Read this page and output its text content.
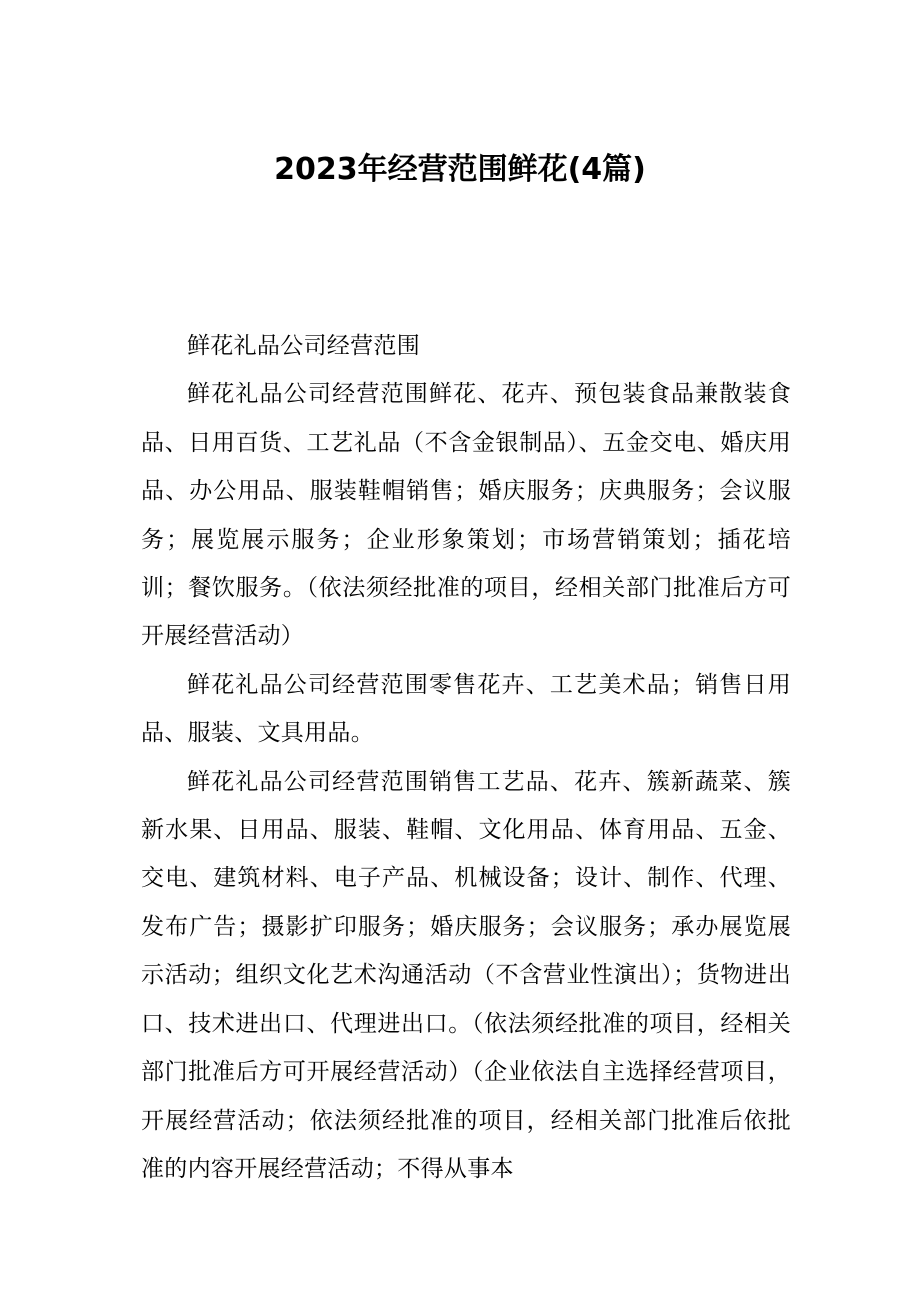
2023年经营范围鲜花(4篇)

鲜花礼品公司经营范围

鲜花礼品公司经营范围鲜花、花卉、预包装食品兼散装食品、日用百货、工艺礼品（不含金银制品）、五金交电、婚庆用品、办公用品、服装鞋帽销售；婚庆服务；庆典服务；会议服务；展览展示服务；企业形象策划；市场营销策划；插花培训；餐饮服务。（依法须经批准的项目，经相关部门批准后方可开展经营活动）

鲜花礼品公司经营范围零售花卉、工艺美术品；销售日用品、服装、文具用品。

鲜花礼品公司经营范围销售工艺品、花卉、簇新蔬菜、簇新水果、日用品、服装、鞋帽、文化用品、体育用品、五金、交电、建筑材料、电子产品、机械设备；设计、制作、代理、发布广告；摄影扩印服务；婚庆服务；会议服务；承办展览展示活动；组织文化艺术沟通活动（不含营业性演出）；货物进出口、技术进出口、代理进出口。（依法须经批准的项目，经相关部门批准后方可开展经营活动）（企业依法自主选择经营项目，开展经营活动；依法须经批准的项目，经相关部门批准后依批准的内容开展经营活动；不得从事本
